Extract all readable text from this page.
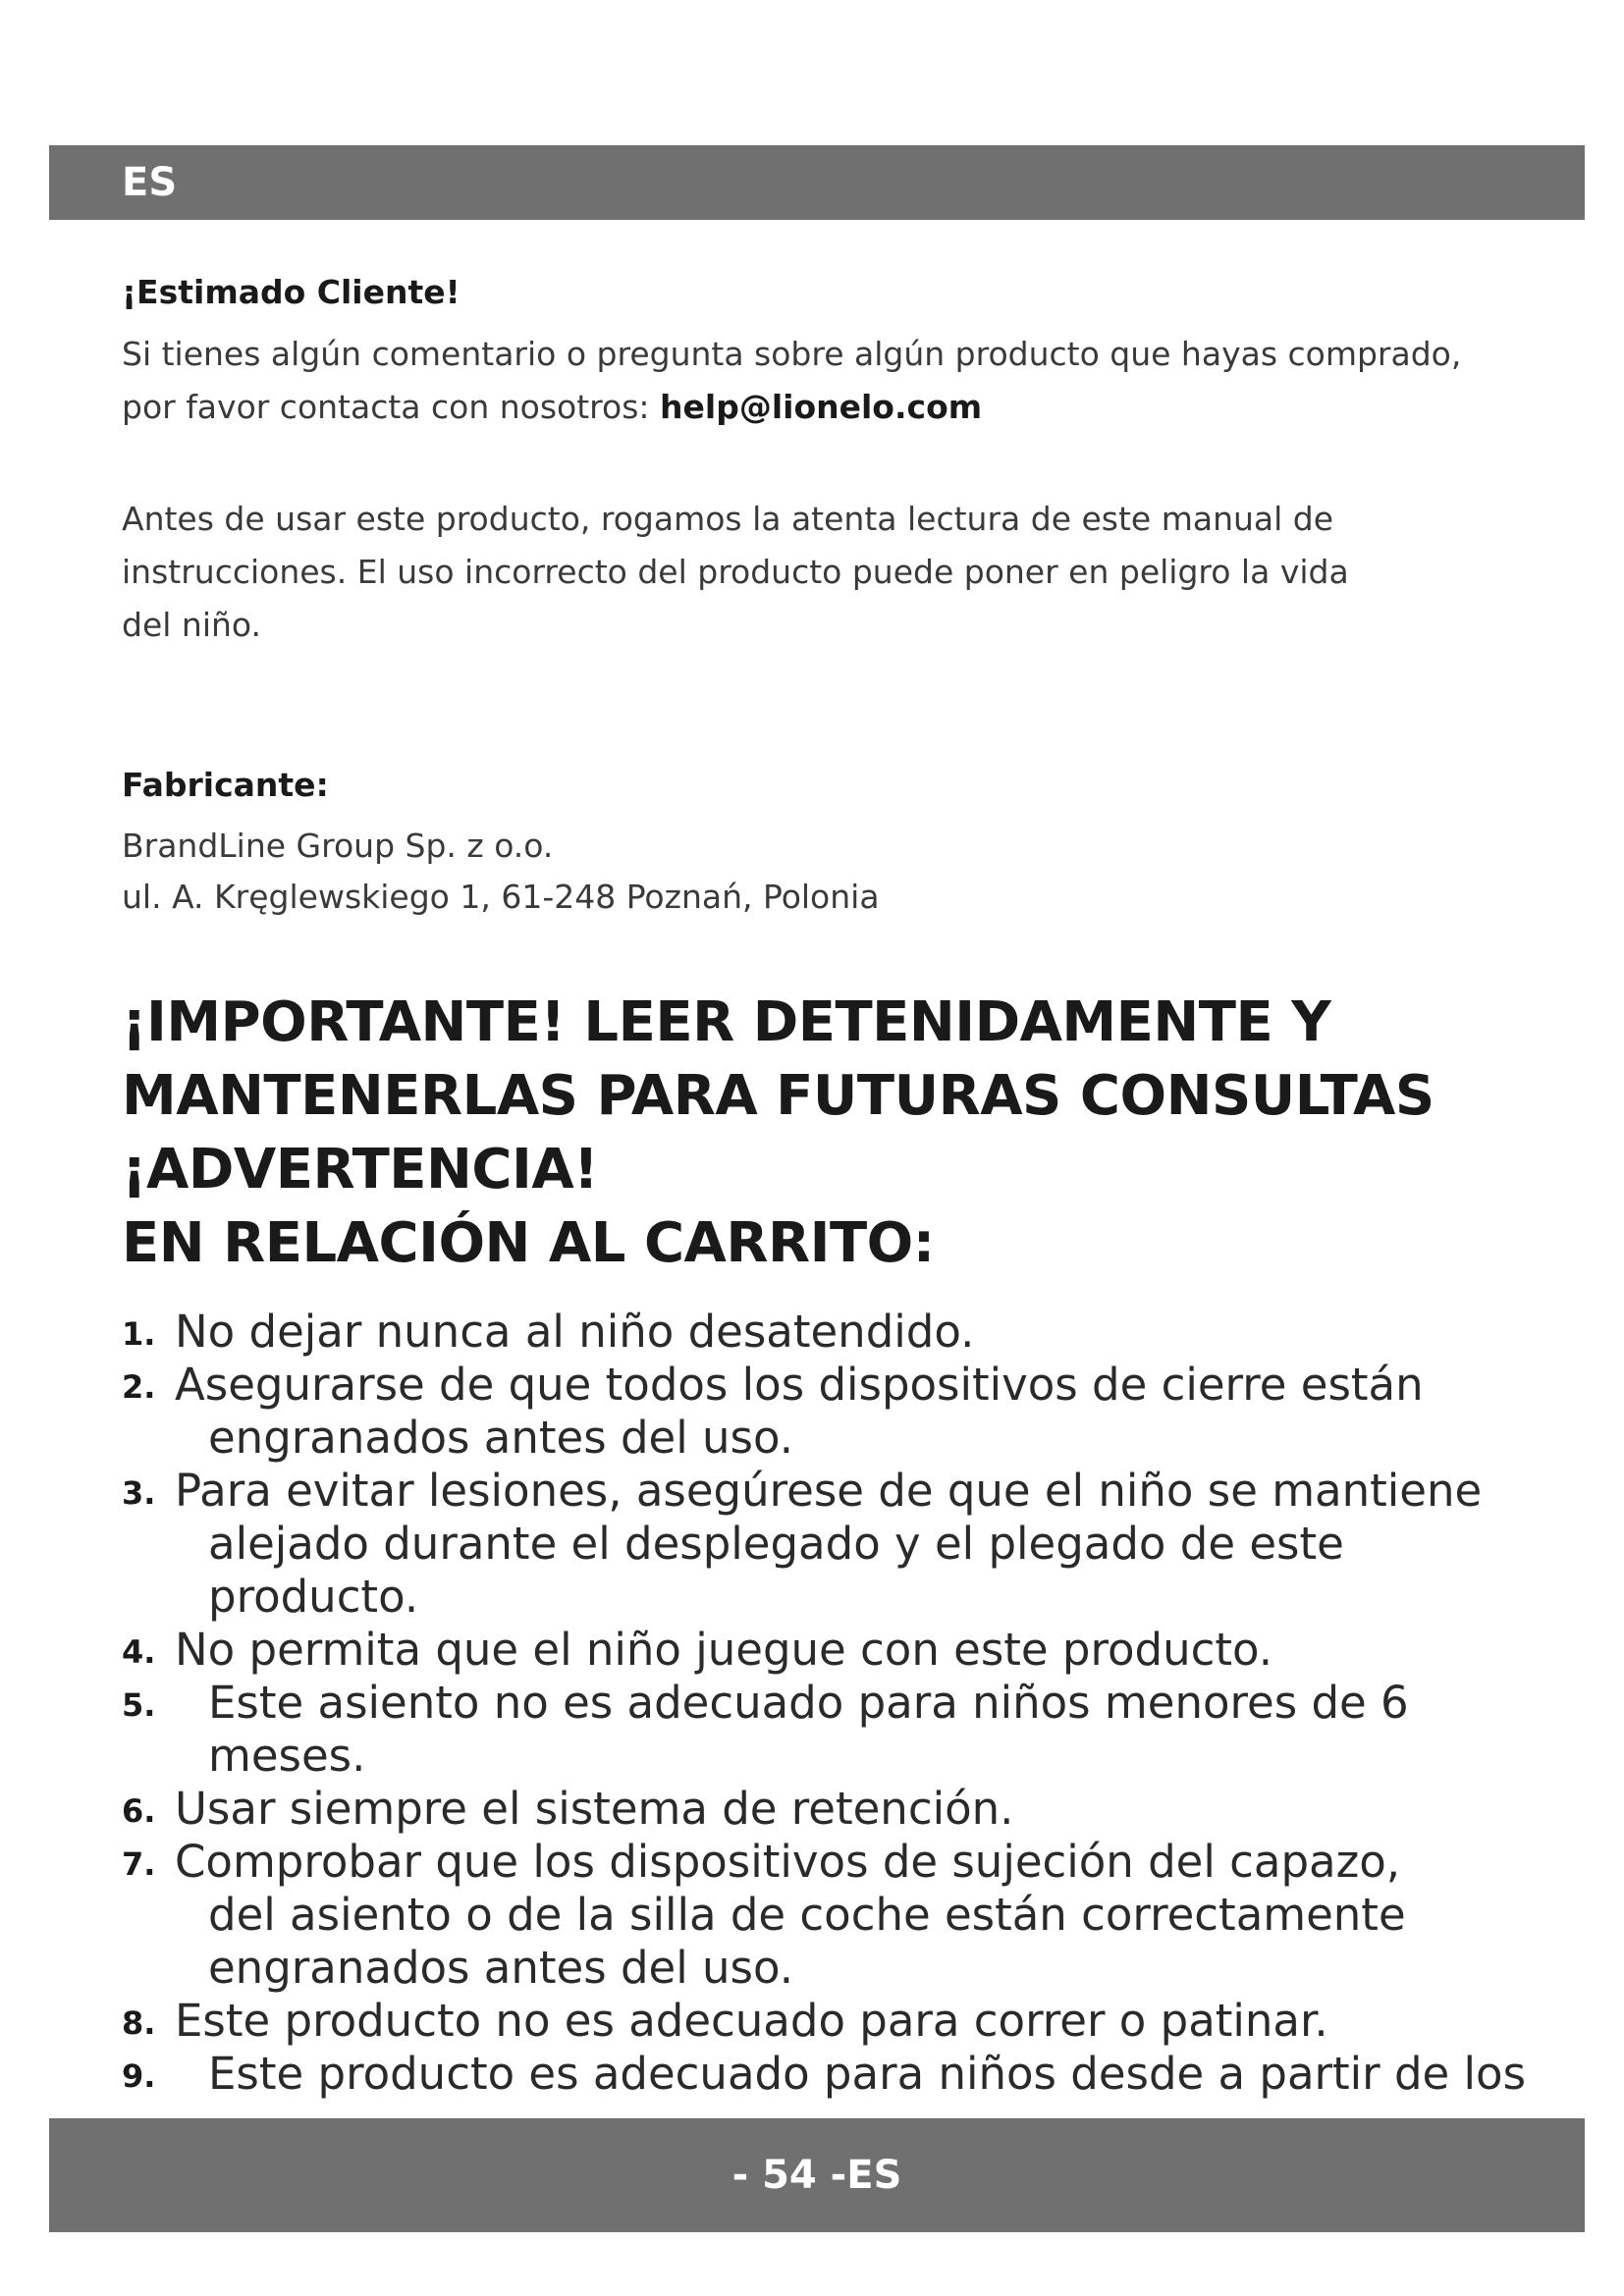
ES
¡Estimado Cliente!
Si tienes algún comentario o pregunta sobre algún producto que hayas comprado, por favor contacta con nosotros: help@lionelo.com
Antes de usar este producto, rogamos la atenta lectura de este manual de
instrucciones. El uso incorrecto del producto puede poner en peligro la vida
del niño.
Fabricante:
BrandLine Group Sp. z o.o.
ul. A. Kręglewskiego 1, 61-248 Poznań, Polonia
¡IMPORTANTE! LEER DETENIDAMENTE Y
MANTENERLAS PARA FUTURAS CONSULTAS
¡ADVERTENCIA!
EN RELACIÓN AL CARRITO:
1. No dejar nunca al niño desatendido.
2. Asegurarse de que todos los dispositivos de cierre están
engranados antes del uso.
3. Para evitar lesiones, asegúrese de que el niño se mantiene
alejado durante el desplegado y el plegado de este producto.
4. No permita que el niño juegue con este producto.
5.	Este asiento no es adecuado para niños menores de 6
meses.
6. Usar siempre el sistema de retención.
7. Comprobar que los dispositivos de sujeción del capazo,
del asiento o de la silla de coche están correctamente engranados antes del uso.
8. Este producto no es adecuado para correr o patinar.
9.	Este producto es adecuado para niños desde a partir de los
- 54 -ES
